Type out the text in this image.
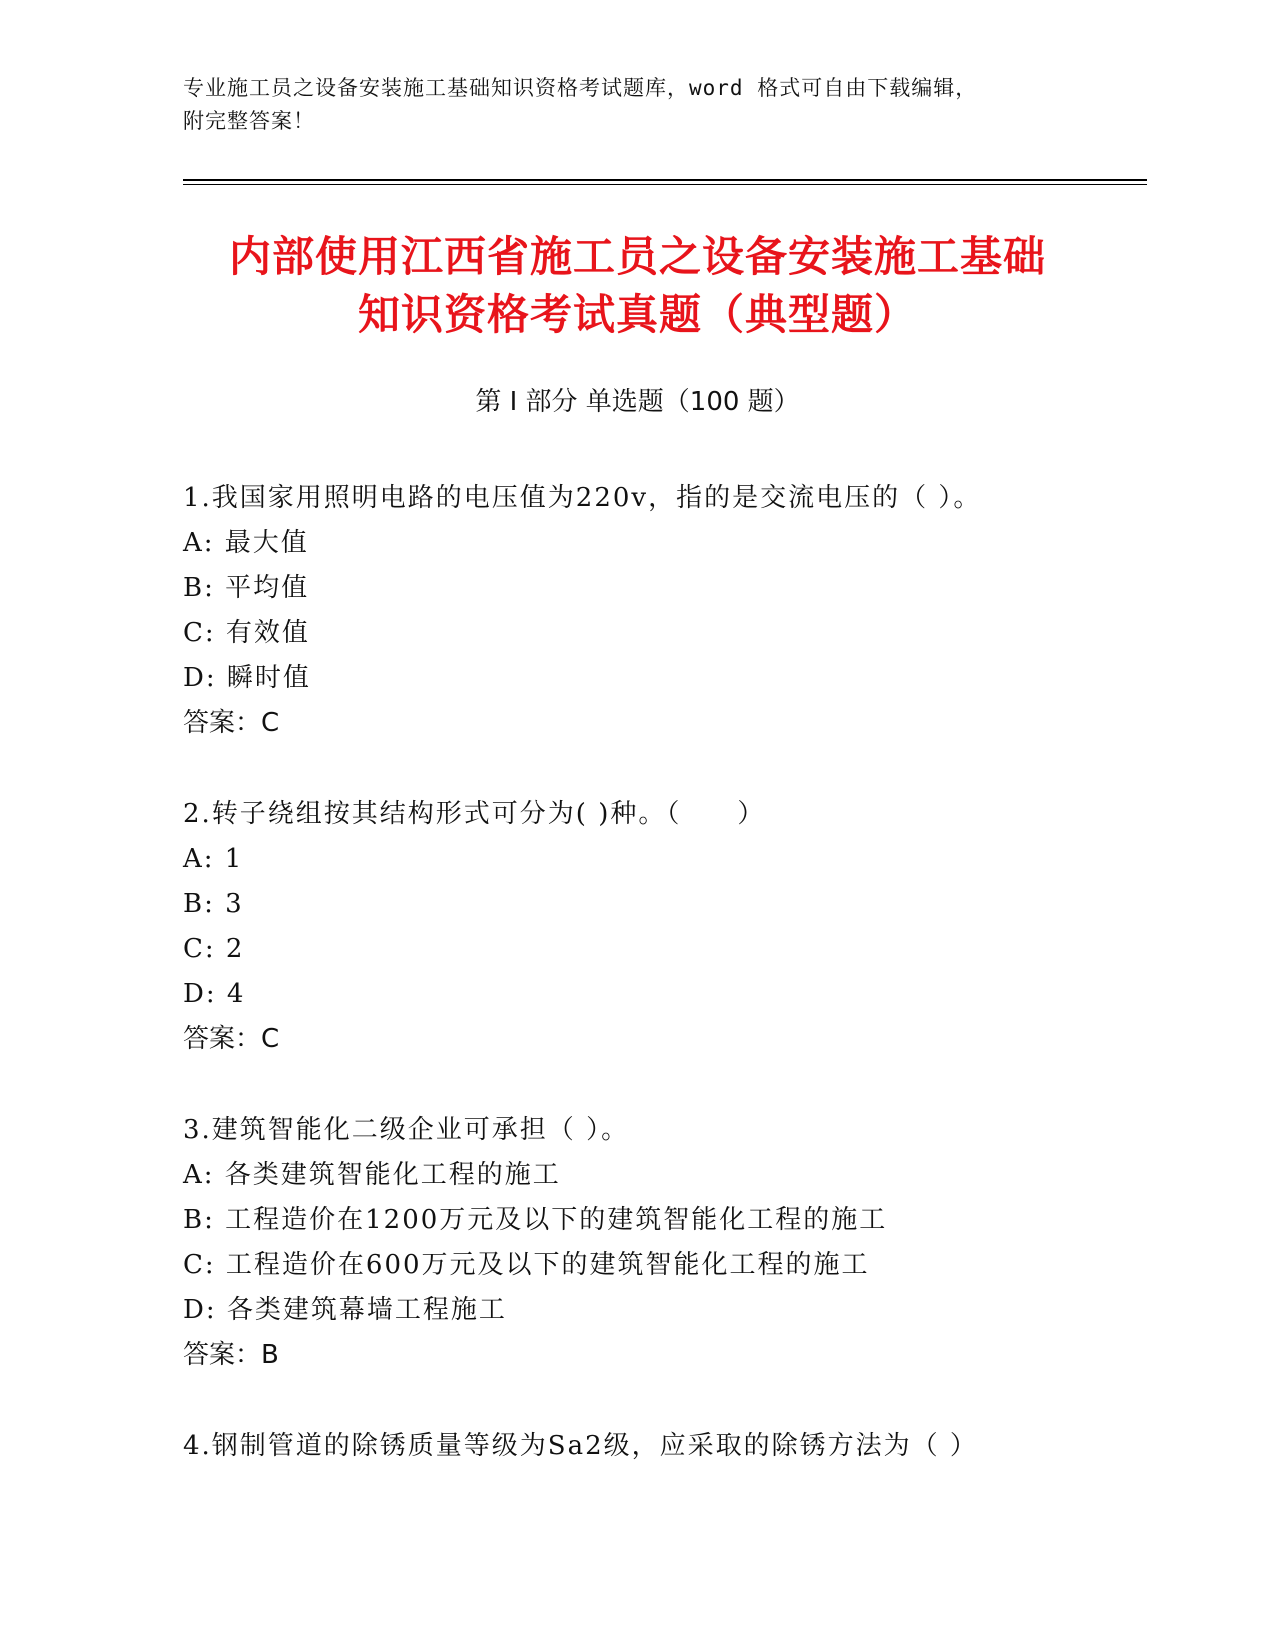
专业施工员之设备安装施工基础知识资格考试题库，word 格式可自由下载编辑，
附完整答案！
内部使用江西省施工员之设备安装施工基础
知识资格考试真题（典型题）
第 I 部分 单选题（100 题）
1.我国家用照明电路的电压值为220v，指的是交流电压的（ ）。
A: 最大值
B: 平均值
C: 有效值
D: 瞬时值
答案：C
2.转子绕组按其结构形式可分为( )种。（　　）
A: 1
B: 3
C: 2
D: 4
答案：C
3.建筑智能化二级企业可承担（ ）。
A: 各类建筑智能化工程的施工
B: 工程造价在1200万元及以下的建筑智能化工程的施工
C: 工程造价在600万元及以下的建筑智能化工程的施工
D: 各类建筑幕墙工程施工
答案：B
4.钢制管道的除锈质量等级为Sa2级，应采取的除锈方法为（ ）
